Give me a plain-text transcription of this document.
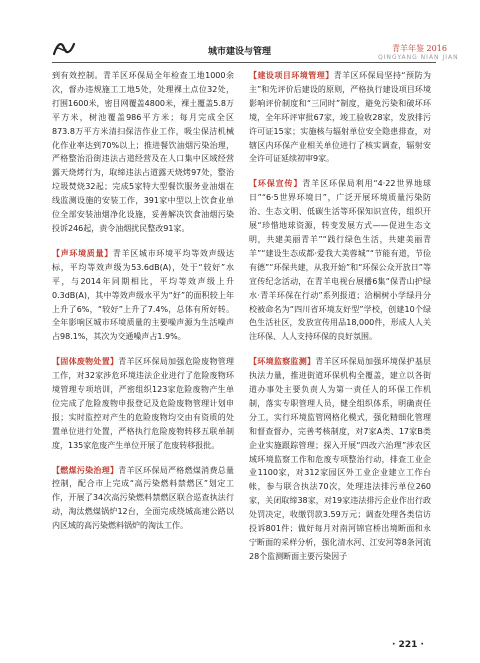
城市建设与管理	青羊年鉴 2016
QINGYANG NIAN JIAN

到有效控制。青羊区环保局全年检查工地1000余次，督办违规施工工地5处，处理裸土点位32处，打围1600米，密目网覆盖4800米，裸土覆盖5.8万平方米，树池覆盖986平方米；每月完成全区873.8万平方米清扫保洁作业工作，吸尘保洁机械化作业率达到70%以上；推进餐饮油烟污染治理，严格整治沿街违法占道经营及在人口集中区域经营露天烧烤行为，取缔违法占道露天烧烤97处，整治垃圾焚烧32起；完成5家特大型餐饮服务业油烟在线监测设施的安装工作，391家中型以上饮食业单位全部安装油烟净化设施，妥善解决饮食油烟污染投诉246起，责令油烟扰民整改91家。

【声环境质量】青羊区城市环境平均等效声级达标，平均等效声级为53.6dB(A)，处于“较好”水平，与2014年同期相比，平均等效声级上升0.3dB(A)，其中等效声级水平为“好”的面积较上年上升了6%，“较好”上升了7.4%，总体有所好转。全年影响区城市环境质量的主要噪声源为生活噪声占98.1%，其次为交通噪声占1.9%。

【固体废物处置】青羊区环保局加强危险废物管理工作，对32家涉危环境违法企业进行了危险废物环境管理专项培训，严密组织123家危险废物产生单位完成了危险废物申报登记及危险废物管理计划申报；实时监控对产生的危险废物均交由有资质的处置单位进行处置，严格执行危险废物转移五联单制度，135家危废产生单位开展了危废转移报批。

【燃煤污染治理】青羊区环保局严格燃煤消费总量控制，配合市上完成“高污染燃料禁燃区”划定工作，开展了34次高污染燃料禁燃区联合巡查执法行动，淘汰燃煤锅炉12台，全面完成绕城高速公路以内区域的高污染燃料锅炉的淘汰工作。

【建设项目环境管理】青羊区环保局坚持“预防为主”和先评价后建设的原则，严格执行建设项目环境影响评价制度和“三同时”制度，避免污染和破坏环境，全年环评审批67家，竣工验收28家，发放排污许可证15家；实施核与辐射单位安全隐患排查，对辖区内环保产业相关单位进行了核实调查，辐射安全许可证延续初审9家。

【环保宣传】青羊区环保局利用“4·22世界地球日”“6·5世界环境日”，广泛开展环境质量污染防治、生态文明、低碳生活等环保知识宣传，组织开展“珍惜地球资源，转变发展方式——促进生态文明，共建美丽青羊”“践行绿色生活，共建美丽青羊”“建设生态成都·爱我大美蓉城”“节能有道，节俭有德”“环保共建，从我开始”和“环保公众开放日”等宣传纪念活动，在青羊电视台展播6集“保青山护绿水·青羊环保在行动”系列报道；洽桐树小学绿丹分校被命名为“四川省环境友好型”学校，创建10个绿色生活社区，发放宣传用品18,000件，形成人人关注环保、人人支持环保的良好氛围。

【环境监察监测】青羊区环保局加强环境保护基层执法力量，推进街道环保机构全覆盖，建立以各街道办事处主要负责人为第一责任人的环保工作机制，落实专职管理人员，健全组织体系，明确责任分工，实行环境监管网格化模式，强化精细化管理和督查督办，完善考核制度，对7家A类、17家B类企业实施跟踪管理；探入开展“四改六治理”涉农区域环境监察工作和危废专项整治行动，排查工业企业1100家，对312家园区外工业企业建立工作台帐，参与联合执法70次，处理违法排污单位260家，关闭取缔38家，对19家违法排污企业作出行政处罚决定，收缴罚款3.59万元；调查处理各类信访投诉801件；做好每月对南河锦官桥出境断面和永宁断面的采样分析，强化清水河、江安河等8条河流28个监测断面主要污染因子

· 221 ·
